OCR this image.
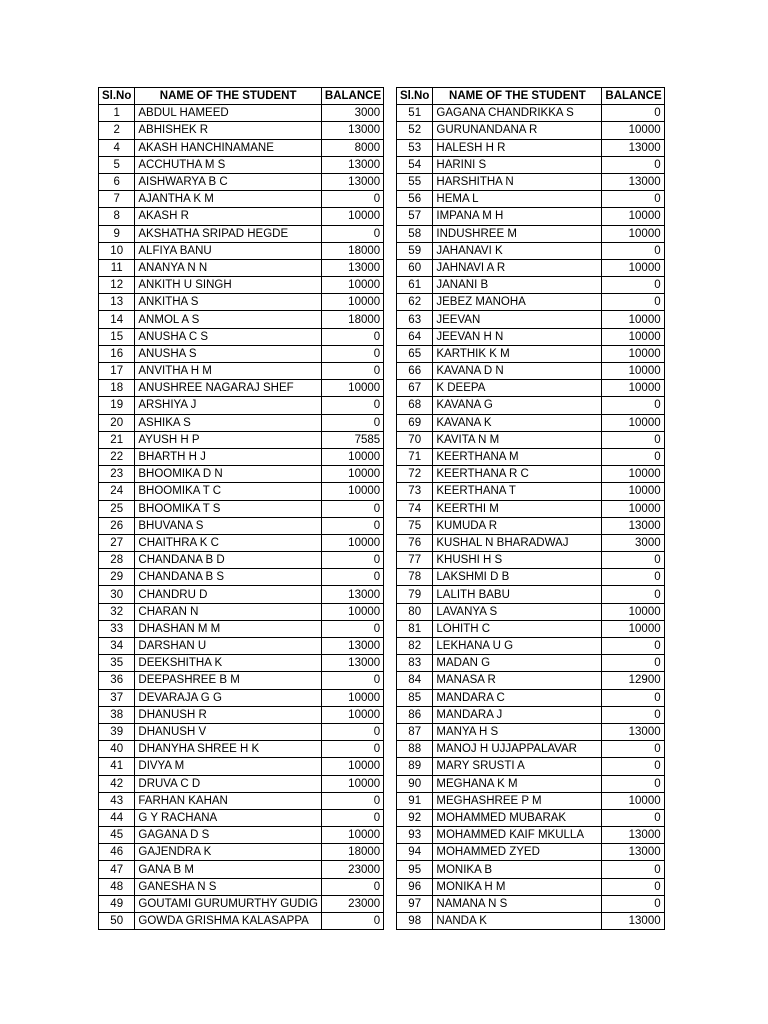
Sl.No	NAME OF THE STUDENT	BALANCE
1	ABDUL HAMEED	3000
2	ABHISHEK R	13000
4	AKASH HANCHINAMANE	8000
5	ACCHUTHA M S	13000
6	AISHWARYA B C	13000
7	AJANTHA K M	0
8	AKASH R	10000
9	AKSHATHA SRIPAD HEGDE	0
10	ALFIYA BANU	18000
11	ANANYA N N	13000
12	ANKITH U SINGH	10000
13	ANKITHA S	10000
14	ANMOL A S	18000
15	ANUSHA C S	0
16	ANUSHA S	0
17	ANVITHA H M	0
18	ANUSHREE NAGARAJ SHEF	10000
19	ARSHIYA J	0
20	ASHIKA S	0
21	AYUSH H P	7585
22	BHARTH H J	10000
23	BHOOMIKA D N	10000
24	BHOOMIKA T C	10000
25	BHOOMIKA T S	0
26	BHUVANA S	0
27	CHAITHRA K C	10000
28	CHANDANA B D	0
29	CHANDANA B S	0
30	CHANDRU D	13000
32	CHARAN N	10000
33	DHASHAN M M	0
34	DARSHAN U	13000
35	DEEKSHITHA K	13000
36	DEEPASHREE B M	0
37	DEVARAJA G G	10000
38	DHANUSH R	10000
39	DHANUSH V	0
40	DHANYHA SHREE H K	0
41	DIVYA M	10000
42	DRUVA C D	10000
43	FARHAN KAHAN	0
44	G Y RACHANA	0
45	GAGANA D S	10000
46	GAJENDRA K	18000
47	GANA B M	23000
48	GANESHA N S	0
49	GOUTAMI GURUMURTHY GUDIG	23000
50	GOWDA GRISHMA KALASAPPA	0
Sl.No	NAME OF THE STUDENT	BALANCE
51	GAGANA CHANDRIKKA S	0
52	GURUNANDANA R	10000
53	HALESH H R	13000
54	HARINI S	0
55	HARSHITHA N	13000
56	HEMA L	0
57	IMPANA M H	10000
58	INDUSHREE M	10000
59	JAHANAVI K	0
60	JAHNAVI A R	10000
61	JANANI B	0
62	JEBEZ MANOHA	0
63	JEEVAN	10000
64	JEEVAN H N	10000
65	KARTHIK K M	10000
66	KAVANA D N	10000
67	K DEEPA	10000
68	KAVANA G	0
69	KAVANA K	10000
70	KAVITA N M	0
71	KEERTHANA M	0
72	KEERTHANA R C	10000
73	KEERTHANA T	10000
74	KEERTHI M	10000
75	KUMUDA R	13000
76	KUSHAL N BHARADWAJ	3000
77	KHUSHI H S	0
78	LAKSHMI D B	0
79	LALITH BABU	0
80	LAVANYA S	10000
81	LOHITH C	10000
82	LEKHANA U G	0
83	MADAN G	0
84	MANASA R	12900
85	MANDARA C	0
86	MANDARA J	0
87	MANYA H S	13000
88	MANOJ H UJJAPPALAVAR	0
89	MARY SRUSTI A	0
90	MEGHANA K M	0
91	MEGHASHREE P M	10000
92	MOHAMMED MUBARAK	0
93	MOHAMMED KAIF MKULLA	13000
94	MOHAMMED ZYED	13000
95	MONIKA B	0
96	MONIKA H M	0
97	NAMANA N S	0
98	NANDA K	13000
